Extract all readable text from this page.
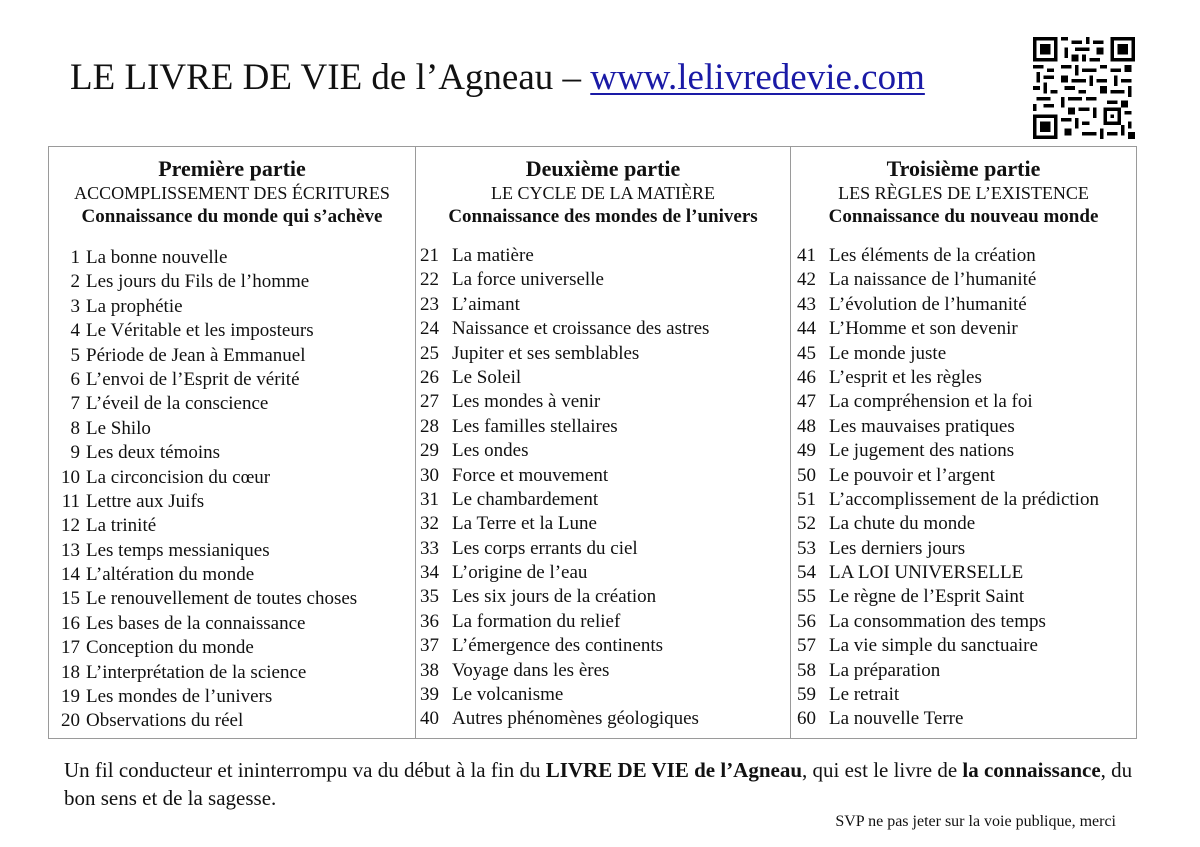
LE LIVRE DE VIE de l’Agneau – www.lelivredevie.com
Première partie
ACCOMPLISSEMENT DES ÉCRITURES
Connaissance du monde qui s’achève
1 La bonne nouvelle
2 Les jours du Fils de l’homme
3 La prophétie
4 Le Véritable et les imposteurs
5 Période de Jean à Emmanuel
6 L’envoi de l’Esprit de vérité
7 L’éveil de la conscience
8 Le Shilo
9 Les deux témoins
10 La circoncision du cœur
11 Lettre aux Juifs
12 La trinité
13 Les temps messianiques
14 L’altération du monde
15 Le renouvellement de toutes choses
16 Les bases de la connaissance
17 Conception du monde
18 L’interprétation de la science
19 Les mondes de l’univers
20 Observations du réel
Deuxième partie
LE CYCLE DE LA MATIÈRE
Connaissance des mondes de l’univers
21 La matière
22 La force universelle
23 L’aimant
24 Naissance et croissance des astres
25 Jupiter et ses semblables
26 Le Soleil
27 Les mondes à venir
28 Les familles stellaires
29 Les ondes
30 Force et mouvement
31 Le chambardement
32 La Terre et la Lune
33 Les corps errants du ciel
34 L’origine de l’eau
35 Les six jours de la création
36 La formation du relief
37 L’émergence des continents
38 Voyage dans les ères
39 Le volcanisme
40 Autres phénomènes géologiques
Troisième partie
LES RÈGLES DE L’EXISTENCE
Connaissance du nouveau monde
41 Les éléments de la création
42 La naissance de l’humanité
43 L’évolution de l’humanité
44 L’Homme et son devenir
45 Le monde juste
46 L’esprit et les règles
47 La compréhension et la foi
48 Les mauvaises pratiques
49 Le jugement des nations
50 Le pouvoir et l’argent
51 L’accomplissement de la prédiction
52 La chute du monde
53 Les derniers jours
54 LA LOI UNIVERSELLE
55 Le règne de l’Esprit Saint
56 La consommation des temps
57 La vie simple du sanctuaire
58 La préparation
59 Le retrait
60 La nouvelle Terre
Un fil conducteur et ininterrompu va du début à la fin du LIVRE DE VIE de l’Agneau, qui est le livre de la connaissance, du bon sens et de la sagesse.
SVP ne pas jeter sur la voie publique, merci
